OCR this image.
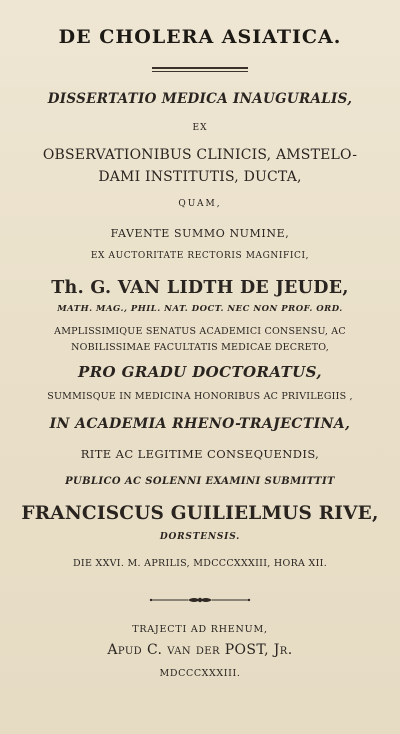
DE CHOLERA ASIATICA.
DISSERTATIO MEDICA INAUGURALIS,
EX
OBSERVATIONIBUS CLINICIS, AMSTELO-
DAMI INSTITUTIS, DUCTA,
QUAM,
FAVENTE SUMMO NUMINE,
EX AUCTORITATE RECTORIS MAGNIFICI,
Th. G. VAN LIDTH DE JEUDE,
MATH. MAG., PHIL. NAT. DOCT. NEC NON PROF. ORD.
AMPLISSIMIQUE SENATUS ACADEMICI CONSENSU, AC
NOBILISSIMAE FACULTATIS MEDICAE DECRETO,
PRO GRADU DOCTORATUS,
SUMMISQUE IN MEDICINA HONORIBUS AC PRIVILEGIIS ,
IN ACADEMIA RHENO-TRAJECTINA,
RITE AC LEGITIME CONSEQUENDIS,
PUBLICO AC SOLENNI EXAMINI SUBMITTIT
FRANCISCUS GUILIELMUS RIVE,
DORSTENSIS.
DIE XXVI. M. APRILIS, MDCCCXXXIII, HORA XII.
TRAJECTI AD RHENUM,
Apud C. van der POST, Jr.
MDCCCXXXIII.
